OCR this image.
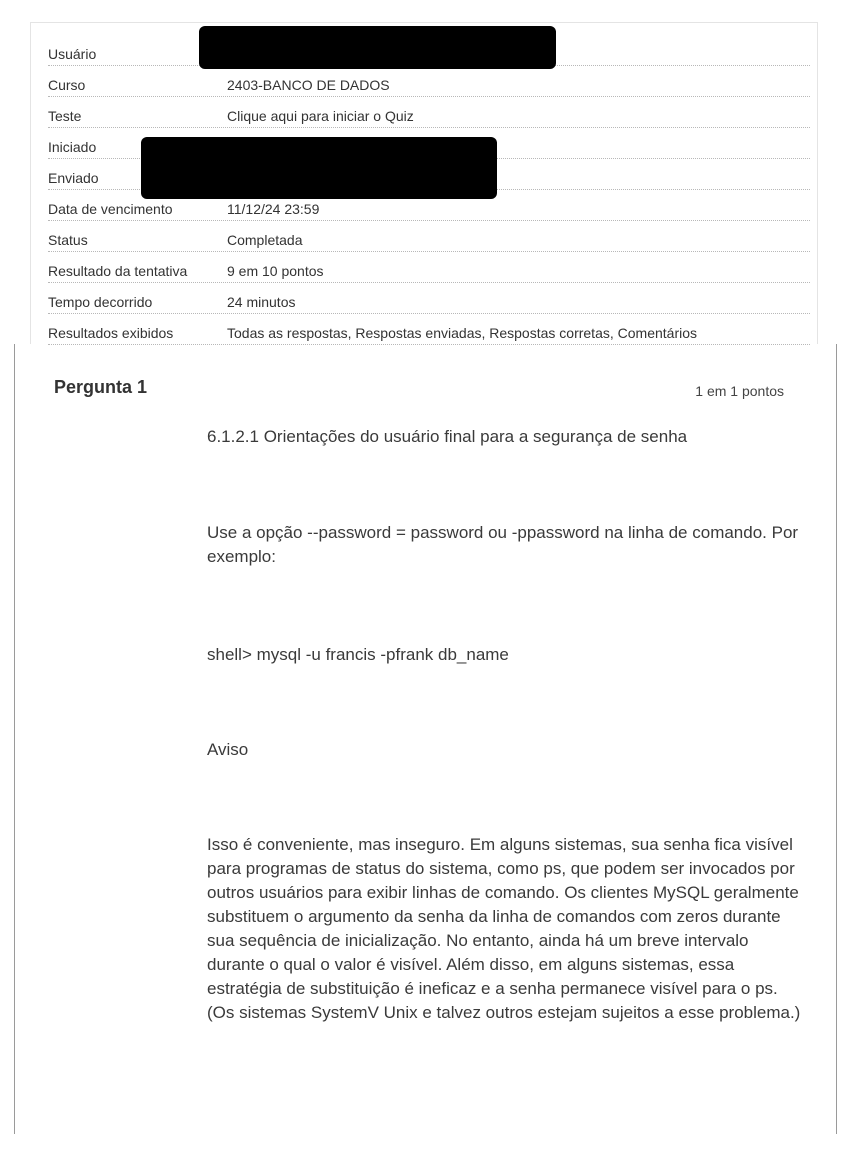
Usuário
Curso	2403-BANCO DE DADOS
Teste	Clique aqui para iniciar o Quiz
Iniciado
Enviado
Data de vencimento	11/12/24 23:59
Status	Completada
Resultado da tentativa	9 em 10 pontos
Tempo decorrido	24 minutos
Resultados exibidos	Todas as respostas, Respostas enviadas, Respostas corretas, Comentários
Pergunta 1	1 em 1 pontos

6.1.2.1 Orientações do usuário final para a segurança de senha

Use a opção --password = password ou -ppassword na linha de comando. Por exemplo:

shell> mysql -u francis -pfrank db_name

Aviso

Isso é conveniente, mas inseguro. Em alguns sistemas, sua senha fica visível para programas de status do sistema, como ps, que podem ser invocados por outros usuários para exibir linhas de comando. Os clientes MySQL geralmente substituem o argumento da senha da linha de comandos com zeros durante sua sequência de inicialização. No entanto, ainda há um breve intervalo durante o qual o valor é visível. Além disso, em alguns sistemas, essa estratégia de substituição é ineficaz e a senha permanece visível para o ps. (Os sistemas SystemV Unix e talvez outros estejam sujeitos a esse problema.)
